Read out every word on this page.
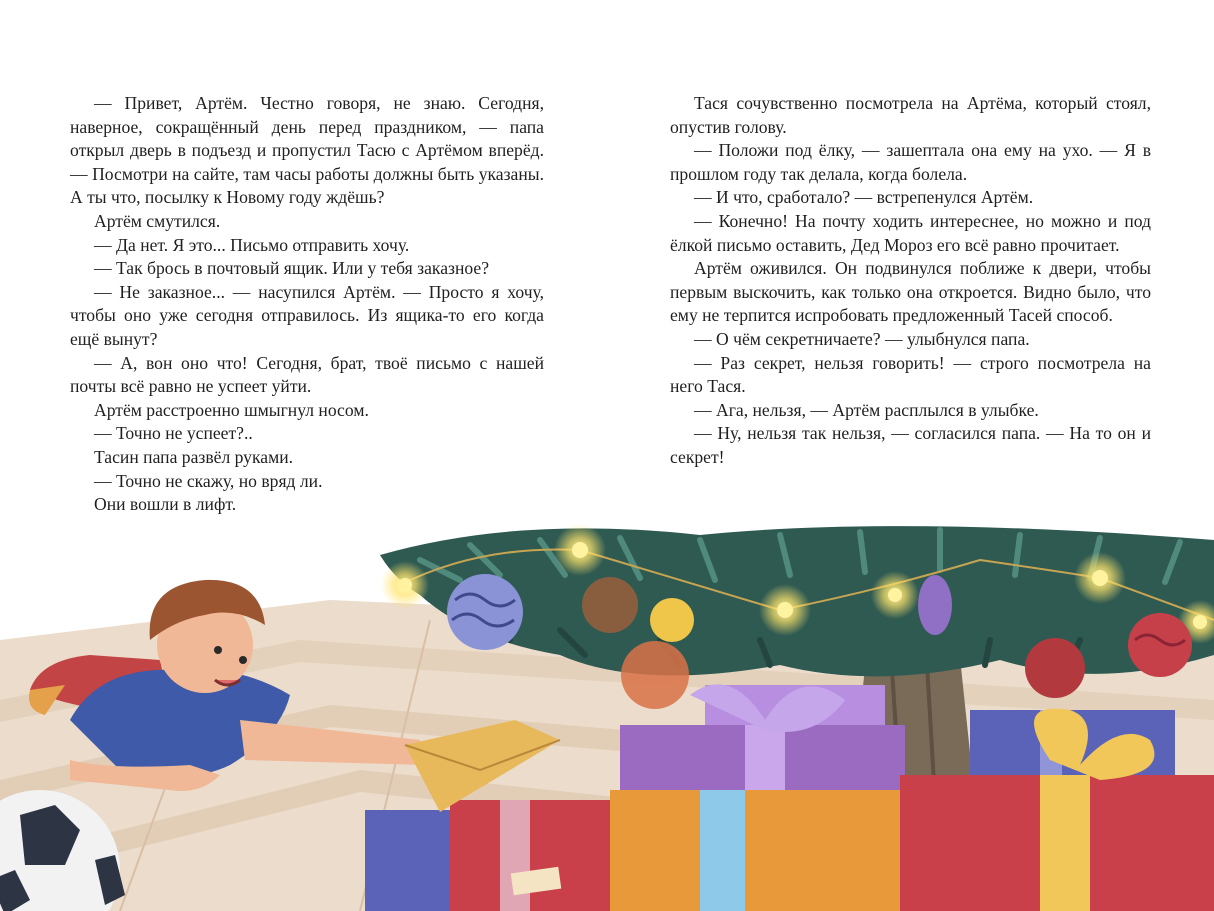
— Привет, Артём. Честно говоря, не знаю. Сегодня, наверное, сокращённый день перед праздником, — папа открыл дверь в подъезд и пропустил Тасю с Артёмом вперёд. — Посмотри на сайте, там часы работы должны быть указаны. А ты что, посылку к Новому году ждёшь?

Артём смутился.

— Да нет. Я это... Письмо отправить хочу.

— Так брось в почтовый ящик. Или у тебя заказное?

— Не заказное... — насупился Артём. — Просто я хочу, чтобы оно уже сегодня отправилось. Из ящика-то его когда ещё вынут?

— А, вон оно что! Сегодня, брат, твоё письмо с нашей почты всё равно не успеет уйти.

Артём расстроенно шмыгнул носом.

— Точно не успеет?..

Тасин папа развёл руками.

— Точно не скажу, но вряд ли.

Они вошли в лифт.

Тася сочувственно посмотрела на Артёма, который стоял, опустив голову.

— Положи под ёлку, — зашептала она ему на ухо. — Я в прошлом году так делала, когда болела.

— И что, сработало? — встрепенулся Артём.

— Конечно! На почту ходить интереснее, но можно и под ёлкой письмо оставить, Дед Мороз его всё равно прочитает.

Артём оживился. Он подвинулся поближе к двери, чтобы первым выскочить, как только она откроется. Видно было, что ему не терпится испробовать предложенный Тасей способ.

— О чём секретничаете? — улыбнулся папа.

— Раз секрет, нельзя говорить! — строго посмотрела на него Тася.

— Ага, нельзя, — Артём расплылся в улыбке.

— Ну, нельзя так нельзя, — согласился папа. — На то он и секрет!
